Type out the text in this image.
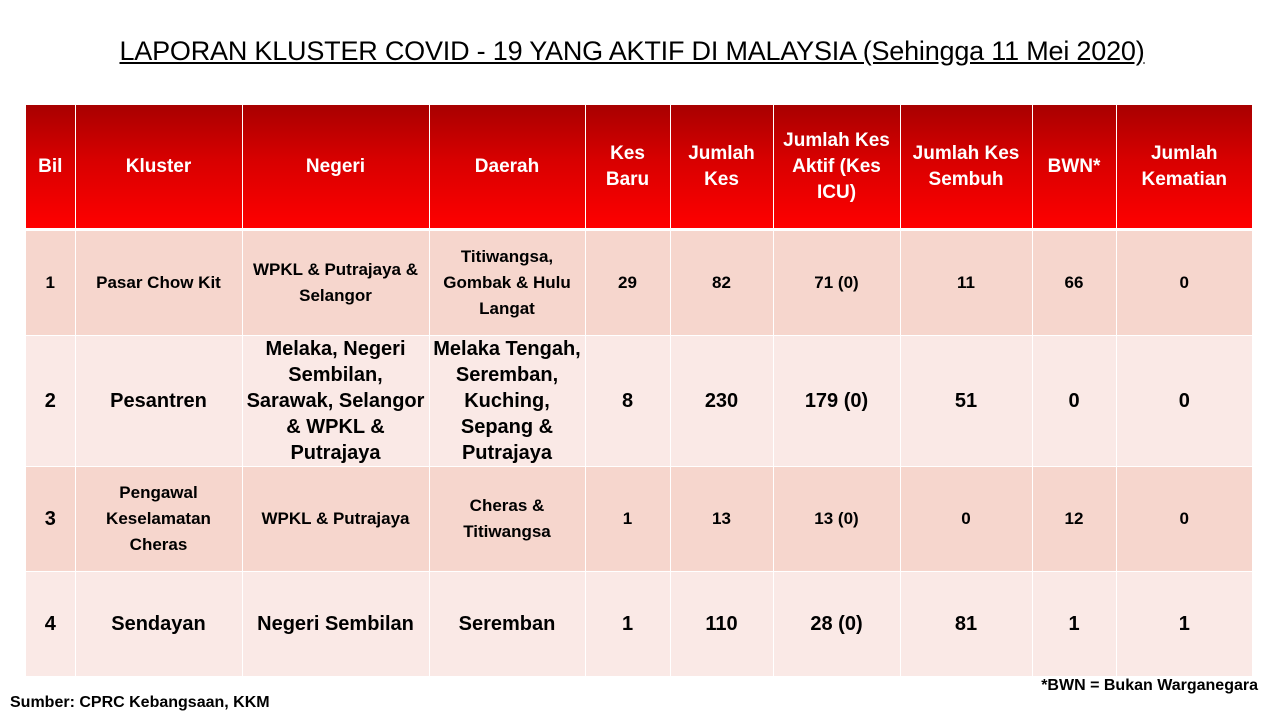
LAPORAN KLUSTER COVID - 19 YANG AKTIF DI MALAYSIA (Sehingga 11 Mei 2020)
Bil	Kluster	Negeri	Daerah	Kes Baru	Jumlah Kes	Jumlah Kes Aktif (Kes ICU)	Jumlah Kes Sembuh	BWN*	Jumlah Kematian
1	Pasar Chow Kit	WPKL & Putrajaya & Selangor	Titiwangsa, Gombak & Hulu Langat	29	82	71 (0)	11	66	0
2	Pesantren	Melaka, Negeri Sembilan, Sarawak, Selangor & WPKL & Putrajaya	Melaka Tengah, Seremban, Kuching, Sepang & Putrajaya	8	230	179 (0)	51	0	0
3	Pengawal Keselamatan Cheras	WPKL & Putrajaya	Cheras & Titiwangsa	1	13	13 (0)	0	12	0
4	Sendayan	Negeri Sembilan	Seremban	1	110	28 (0)	81	1	1
*BWN = Bukan Warganegara
Sumber: CPRC Kebangsaan, KKM
